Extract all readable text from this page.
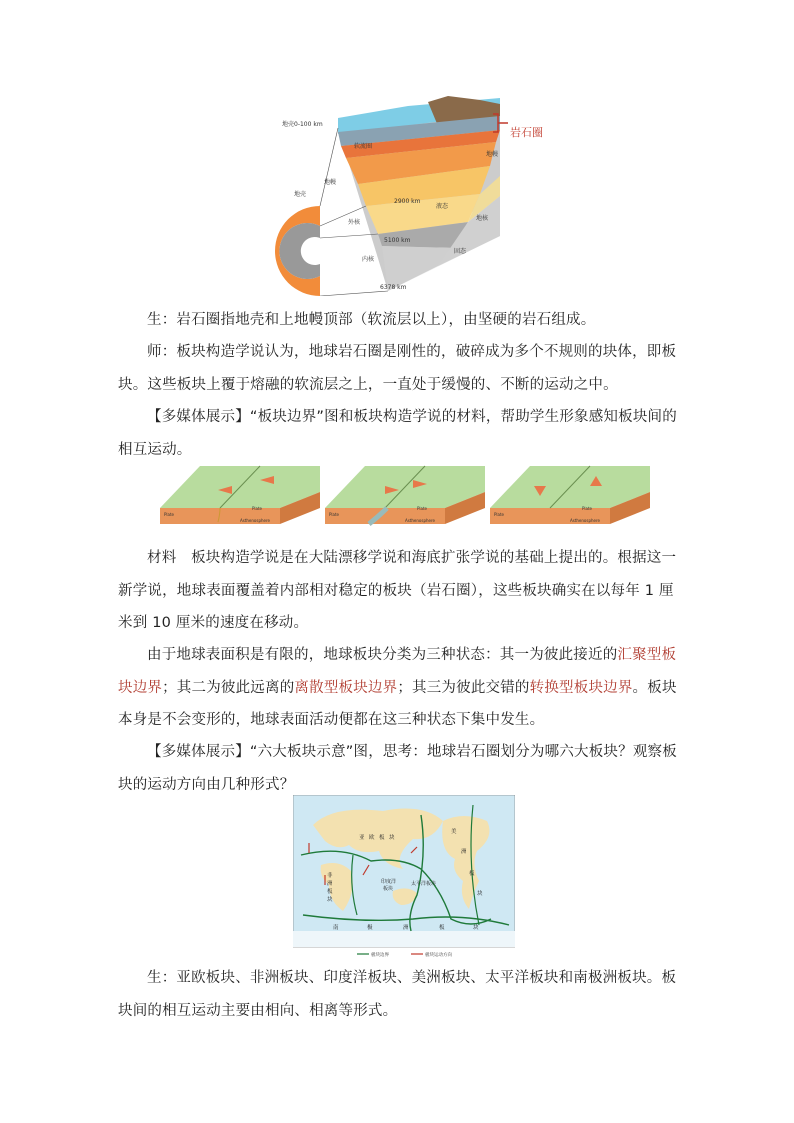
地壳0-100 km
岩石圈
软流圈
地幔
地幔
地壳
2900 km
外核
液态
地核
5100 km
内核
固态
6378 km

生：岩石圈指地壳和上地幔顶部（软流层以上），由坚硬的岩石组成。

师：板块构造学说认为，地球岩石圈是刚性的，破碎成为多个不规则的块体，即板块。这些板块上覆于熔融的软流层之上，一直处于缓慢的、不断的运动之中。

【多媒体展示】“板块边界”图和板块构造学说的材料，帮助学生形象感知板块间的相互运动。

Plate
Plate
Asthenosphere
Plate
Plate
Asthenosphere
Plate
Plate
Asthenosphere

材料　板块构造学说是在大陆漂移学说和海底扩张学说的基础上提出的。根据这一新学说，地球表面覆盖着内部相对稳定的板块（岩石圈），这些板块确实在以每年 1 厘米到 10 厘米的速度在移动。

由于地球表面积是有限的，地球板块分类为三种状态：其一为彼此接近的汇聚型板块边界；其二为彼此远离的离散型板块边界；其三为彼此交错的转换型板块边界。板块本身是不会变形的，地球表面活动便都在这三种状态下集中发生。

【多媒体展示】“六大板块示意”图，思考：地球岩石圈划分为哪六大板块？观察板块的运动方向由几种形式？

亚 欧 板 块
美
洲
板
块
非
洲
板
块
印度洋
板块
太平洋板块
南	极	洲	板	块
板块边界	板块运动方向

生：亚欧板块、非洲板块、印度洋板块、美洲板块、太平洋板块和南极洲板块。板块间的相互运动主要由相向、相离等形式。
